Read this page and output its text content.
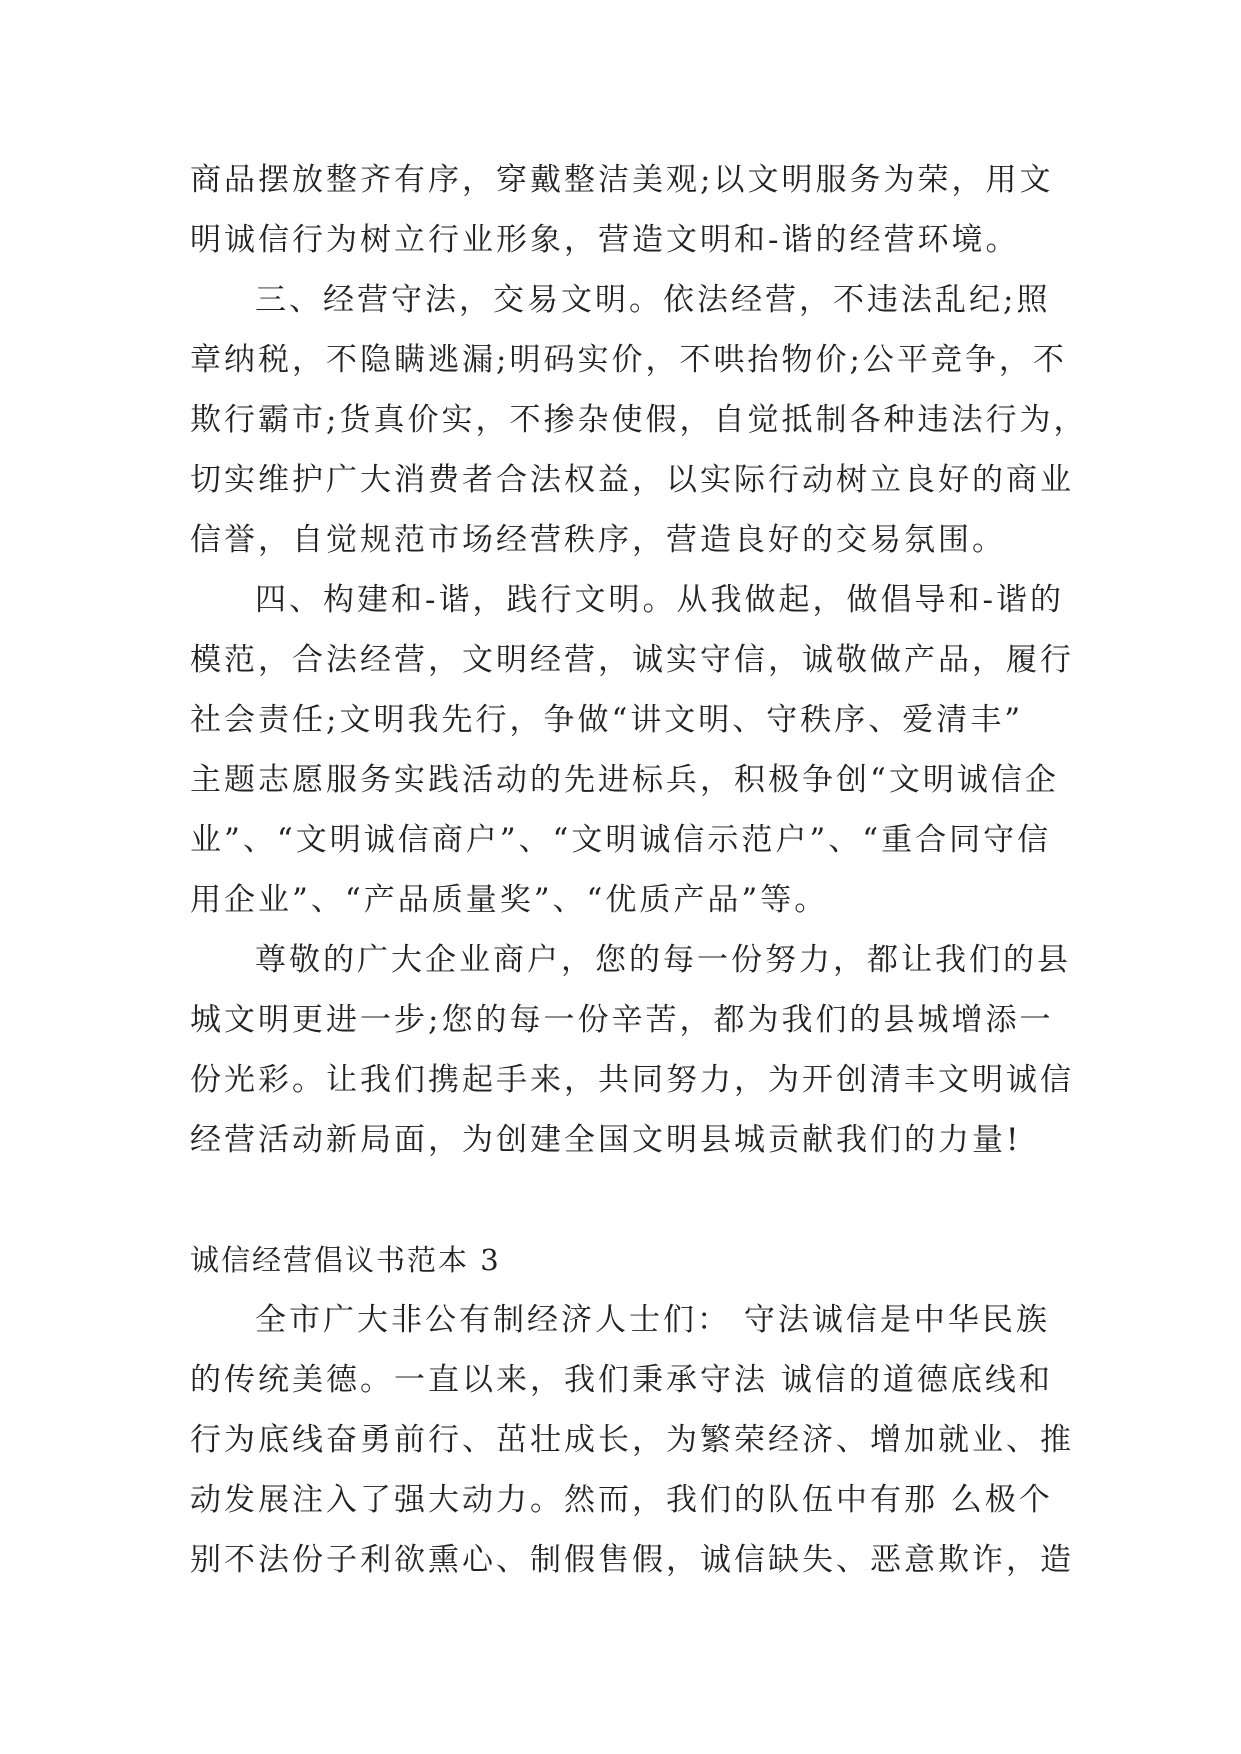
商品摆放整齐有序，穿戴整洁美观;以文明服务为荣，用文
明诚信行为树立行业形象，营造文明和-谐的经营环境。
三、经营守法，交易文明。依法经营，不违法乱纪;照
章纳税，不隐瞒逃漏;明码实价，不哄抬物价;公平竞争，不
欺行霸市;货真价实，不掺杂使假，自觉抵制各种违法行为，
切实维护广大消费者合法权益，以实际行动树立良好的商业
信誉，自觉规范市场经营秩序，营造良好的交易氛围。
四、构建和-谐，践行文明。从我做起，做倡导和-谐的
模范，合法经营，文明经营，诚实守信，诚敬做产品，履行
社会责任;文明我先行，争做“讲文明、守秩序、爱清丰”
主题志愿服务实践活动的先进标兵，积极争创“文明诚信企
业”、“文明诚信商户”、“文明诚信示范户”、“重合同守信
用企业”、“产品质量奖”、“优质产品”等。
尊敬的广大企业商户，您的每一份努力，都让我们的县
城文明更进一步;您的每一份辛苦，都为我们的县城增添一
份光彩。让我们携起手来，共同努力，为开创清丰文明诚信
经营活动新局面，为创建全国文明县城贡献我们的力量!
诚信经营倡议书范本 3
全市广大非公有制经济人士们： 守法诚信是中华民族
的传统美德。一直以来，我们秉承守法 诚信的道德底线和
行为底线奋勇前行、茁壮成长，为繁荣经济、增加就业、推
动发展注入了强大动力。然而，我们的队伍中有那 么极个
别不法份子利欲熏心、制假售假，诚信缺失、恶意欺诈，造
